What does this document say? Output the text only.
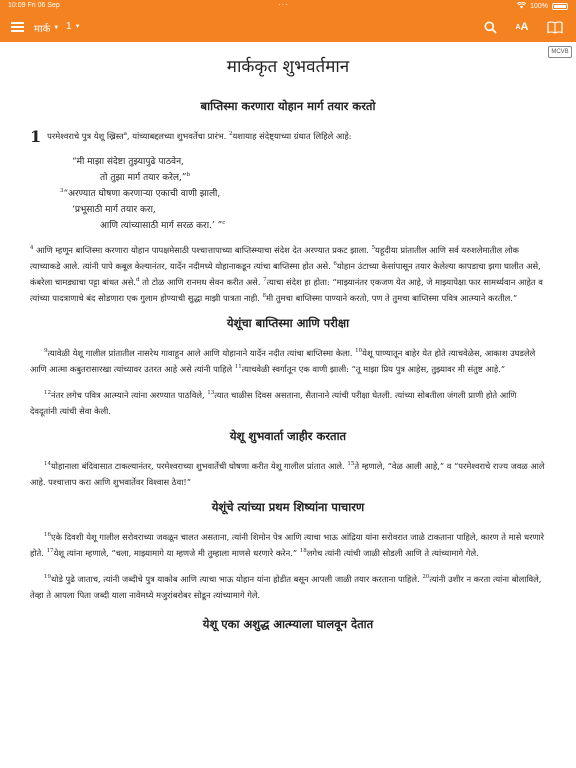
10:09 Fri 06 Sep	···	100%
मार्क ▼ 1 ▼	A A
MCVB
मार्ककृत शुभवर्तमान
बाप्तिस्मा करणारा योहान मार्ग तयार करतो

1 परमेश्वराचे पुत्र येशू ख्रिस्त$^a$, यांच्याबद्दलच्या शुभवर्तेचा प्रारंभ. $^2$यशायाह संदेष्ट्याच्या ग्रंथात लिहिले आहे:

“मी माझा संदेष्टा तुझ्यापुढे पाठवेन,
तो तुझा मार्ग तयार करेल,”$^b$
$^3$“अरण्यात घोषणा करणाऱ्या एकाची वाणी झाली,
‘प्रभूसाठी मार्ग तयार करा,
आणि त्यांच्यासाठी मार्ग सरळ करा.’ ”$^c$

$^4$ आणि म्हणून बाप्तिस्मा करणारा योहान पापक्षमेसाठी पश्चात्तापाच्या बाप्तिस्म्याचा संदेश देत अरण्यात प्रकट झाला. $^5$यहूदीया प्रांतातील आणि सर्व यरुशलेमातील लोक त्याच्याकडे आले. त्यांनी पापे कबूल केल्यानंतर, यार्देन नदीमध्ये योहानाकडून त्यांचा बाप्तिस्मा होत असे. $^6$योहान उंटाच्या केसांपासून तयार केलेल्या कापडाचा झगा घालीत असे, कंबरेला चामड्याचा पट्टा बांधत असे.$^d$ तो टोळ आणि रानमध सेवन करीत असे. $^7$त्याचा संदेश हा होता: “माझ्यानंतर एकजण येत आहे, जे माझ्यापेक्षा फार सामर्थ्यवान आहेत व त्यांच्या पादत्राणाचे बंद सोडणारा एक गुलाम होण्याची सुद्धा माझी पात्रता नाही. $^8$मी तुमचा बाप्तिस्मा पाण्याने करतो, पण ते तुमचा बाप्तिस्मा पवित्र आत्म्याने करतील.”

येशूंचा बाप्तिस्मा आणि परीक्षा

$^9$त्यावेळी येशू गालील प्रांतातील नासरेथ गावाहून आले आणि योहानाने यार्देन नदीत त्यांचा बाप्तिस्मा केला. $^{10}$येशू पाण्यातून बाहेर येत होते त्याचवेळेस, आकाश उघडलेले आणि आत्मा कबुतरासारखा त्यांच्यावर उतरत आहे असे त्यांनी पाहिले $^{11}$त्याचवेळी स्वर्गातून एक वाणी झाली: “तू माझा प्रिय पुत्र आहेस, तुझ्यावर मी संतुष्ट आहे.”

$^{12}$नंतर लगेच पवित्र आत्म्याने त्यांना अरण्यात पाठविले, $^{13}$त्यात चाळीस दिवस असताना, सैतानाने त्यांची परीक्षा घेतली. त्यांच्या सोबतीला जंगली प्राणी होते आणि देवदूतांनी त्यांची सेवा केली.

येशू शुभवार्ता जाहीर करतात

$^{14}$योहानाला बंदिवासात टाकल्यानंतर, परमेश्वराच्या शुभवार्तेची घोषणा करीत येशू गालील प्रांतात आले. $^{15}$ते म्हणाले, “वेळ आली आहे,” व “परमेश्वराचे राज्य जवळ आले आहे. पश्चात्ताप करा आणि शुभवार्तेवर विश्वास ठेवा!”

येशूंचे त्यांच्या प्रथम शिष्यांना पाचारण

$^{16}$एके दिवशी येशू गालील सरोवराच्या जवळून चालत असताना, त्यांनी शिमोन पेत्र आणि त्याचा भाऊ आंद्रिया यांना सरोवरात जाळे टाकताना पाहिले, कारण ते मासे धरणारे होते. $^{17}$येशू त्यांना म्हणाले, “चला, माझ्यामागे या म्हणजे मी तुम्हाला माणसे धरणारे करेन.” $^{18}$लगेच त्यांनी त्यांची जाळी सोडली आणि ते त्यांच्यामागे गेले.

$^{19}$थोडे पुढे जाताच, त्यांनी जब्दीचे पुत्र याकोब आणि त्याचा भाऊ योहान यांना होडीत बसून आपली जाळी तयार करताना पाहिले. $^{20}$त्यांनी उशीर न करता त्यांना बोलाविले, तेव्हा ते आपला पिता जब्दी याला नावेमध्ये मजुरांबरोबर सोडून त्यांच्यामागे गेले.

येशू एका अशुद्ध आत्म्याला घालवून देतात
